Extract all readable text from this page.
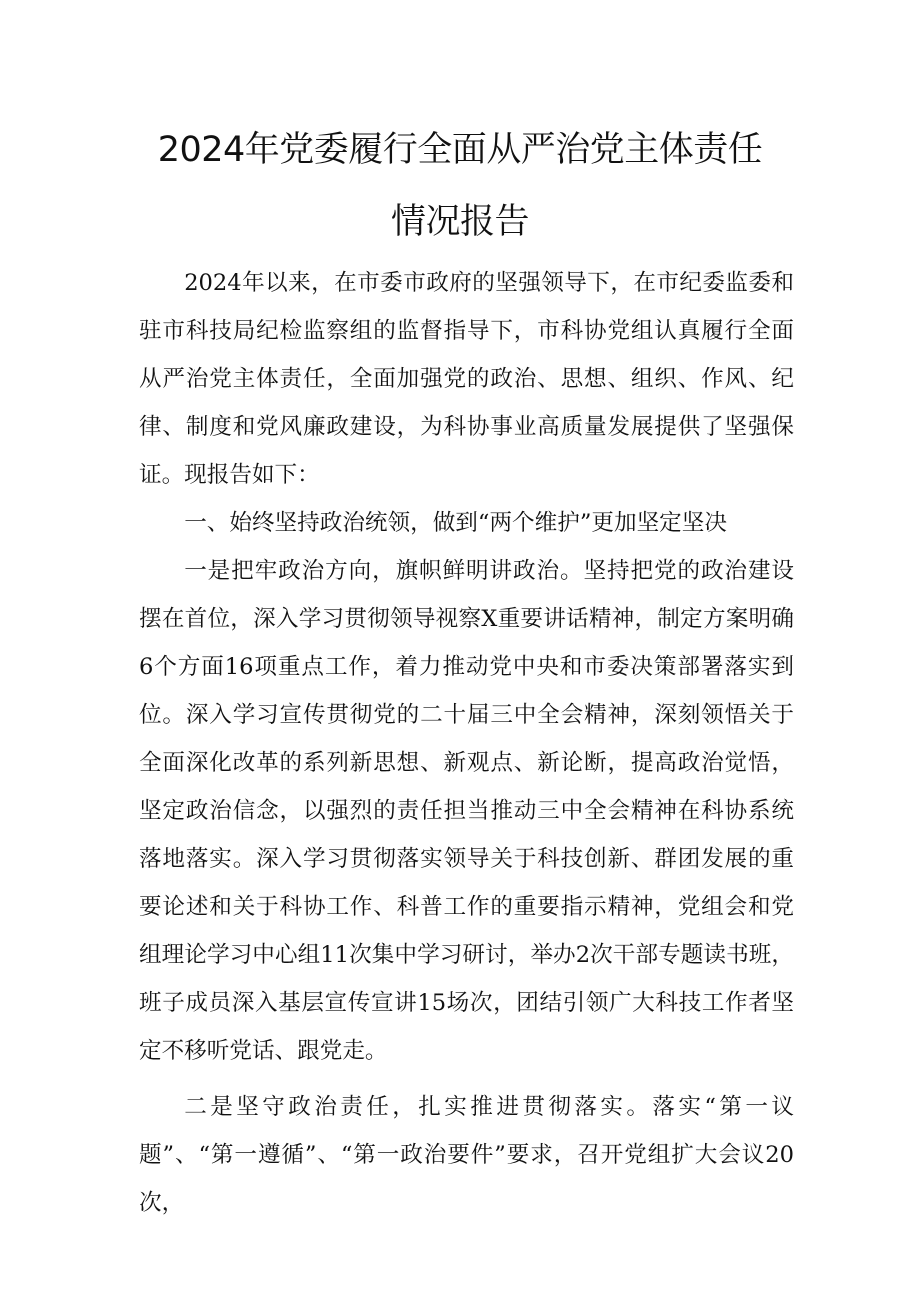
2024年党委履行全面从严治党主体责任
情况报告

2024年以来，在市委市政府的坚强领导下，在市纪委监委和驻市科技局纪检监察组的监督指导下，市科协党组认真履行全面从严治党主体责任，全面加强党的政治、思想、组织、作风、纪律、制度和党风廉政建设，为科协事业高质量发展提供了坚强保证。现报告如下：

一、始终坚持政治统领，做到“两个维护”更加坚定坚决

一是把牢政治方向，旗帜鲜明讲政治。坚持把党的政治建设摆在首位，深入学习贯彻领导视察X重要讲话精神，制定方案明确6个方面16项重点工作，着力推动党中央和市委决策部署落实到位。深入学习宣传贯彻党的二十届三中全会精神，深刻领悟关于全面深化改革的系列新思想、新观点、新论断，提高政治觉悟，坚定政治信念，以强烈的责任担当推动三中全会精神在科协系统落地落实。深入学习贯彻落实领导关于科技创新、群团发展的重要论述和关于科协工作、科普工作的重要指示精神，党组会和党组理论学习中心组11次集中学习研讨，举办2次干部专题读书班，班子成员深入基层宣传宣讲15场次，团结引领广大科技工作者坚定不移听党话、跟党走。

二是坚守政治责任，扎实推进贯彻落实。落实“第一议题”、“第一遵循”、“第一政治要件”要求，召开党组扩大会议20次，
